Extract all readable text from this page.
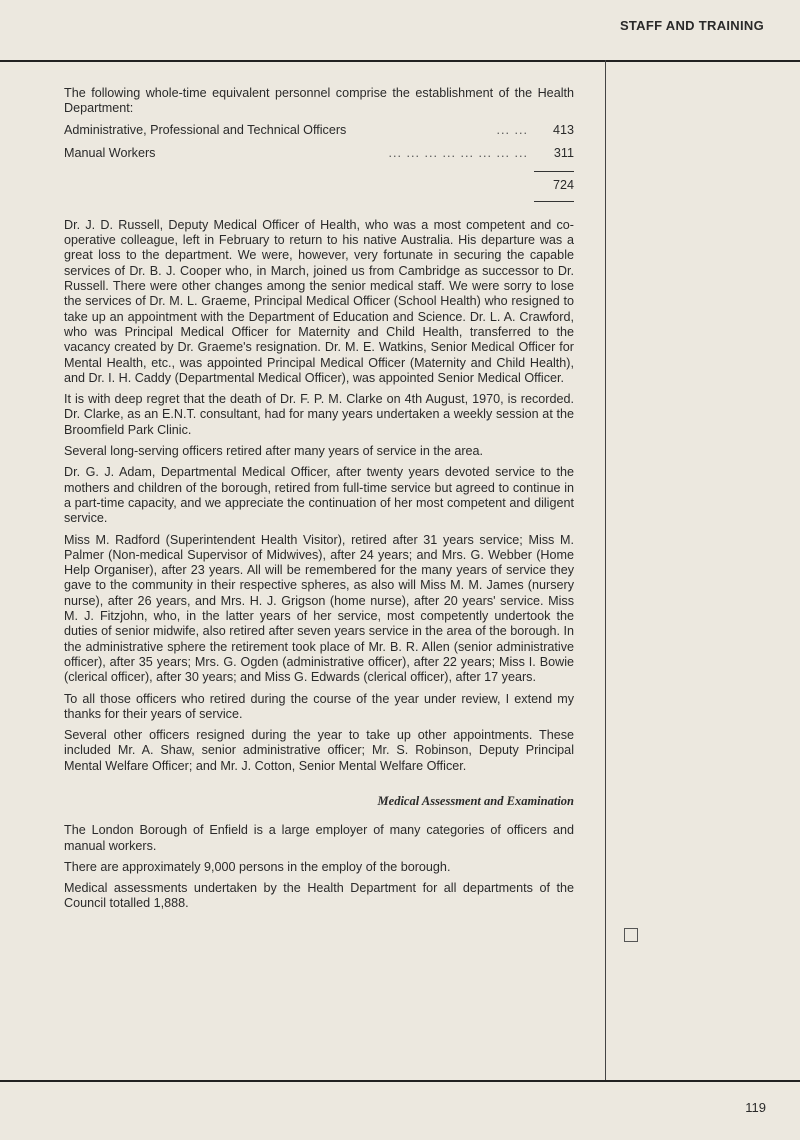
STAFF AND TRAINING

The following whole-time equivalent personnel comprise the establishment of the Health Department:

Administrative, Professional and Technical Officers	... ...	413
Manual Workers	... ... ... ... ... ... ... ...	311
724

Dr. J. D. Russell, Deputy Medical Officer of Health, who was a most competent and co-operative colleague, left in February to return to his native Australia. His departure was a great loss to the department. We were, however, very fortunate in securing the capable services of Dr. B. J. Cooper who, in March, joined us from Cambridge as successor to Dr. Russell. There were other changes among the senior medical staff. We were sorry to lose the services of Dr. M. L. Graeme, Principal Medical Officer (School Health) who resigned to take up an appointment with the Department of Education and Science. Dr. L. A. Crawford, who was Principal Medical Officer for Maternity and Child Health, transferred to the vacancy created by Dr. Graeme's resignation. Dr. M. E. Watkins, Senior Medical Officer for Mental Health, etc., was appointed Principal Medical Officer (Maternity and Child Health), and Dr. I. H. Caddy (Departmental Medical Officer), was appointed Senior Medical Officer.

It is with deep regret that the death of Dr. F. P. M. Clarke on 4th August, 1970, is recorded. Dr. Clarke, as an E.N.T. consultant, had for many years undertaken a weekly session at the Broomfield Park Clinic.

Several long-serving officers retired after many years of service in the area.

Dr. G. J. Adam, Departmental Medical Officer, after twenty years devoted service to the mothers and children of the borough, retired from full-time service but agreed to continue in a part-time capacity, and we appreciate the continuation of her most competent and diligent service.

Miss M. Radford (Superintendent Health Visitor), retired after 31 years service; Miss M. Palmer (Non-medical Supervisor of Midwives), after 24 years; and Mrs. G. Webber (Home Help Organiser), after 23 years. All will be remembered for the many years of service they gave to the community in their respective spheres, as also will Miss M. M. James (nursery nurse), after 26 years, and Mrs. H. J. Grigson (home nurse), after 20 years' service. Miss M. J. Fitzjohn, who, in the latter years of her service, most competently undertook the duties of senior midwife, also retired after seven years service in the area of the borough. In the administrative sphere the retirement took place of Mr. B. R. Allen (senior administrative officer), after 35 years; Mrs. G. Ogden (administrative officer), after 22 years; Miss I. Bowie (clerical officer), after 30 years; and Miss G. Edwards (clerical officer), after 17 years.

To all those officers who retired during the course of the year under review, I extend my thanks for their years of service.

Several other officers resigned during the year to take up other appointments. These included Mr. A. Shaw, senior administrative officer; Mr. S. Robinson, Deputy Principal Mental Welfare Officer; and Mr. J. Cotton, Senior Mental Welfare Officer.

Medical Assessment and Examination

The London Borough of Enfield is a large employer of many categories of officers and manual workers.

There are approximately 9,000 persons in the employ of the borough.

Medical assessments undertaken by the Health Department for all departments of the Council totalled 1,888.

119
